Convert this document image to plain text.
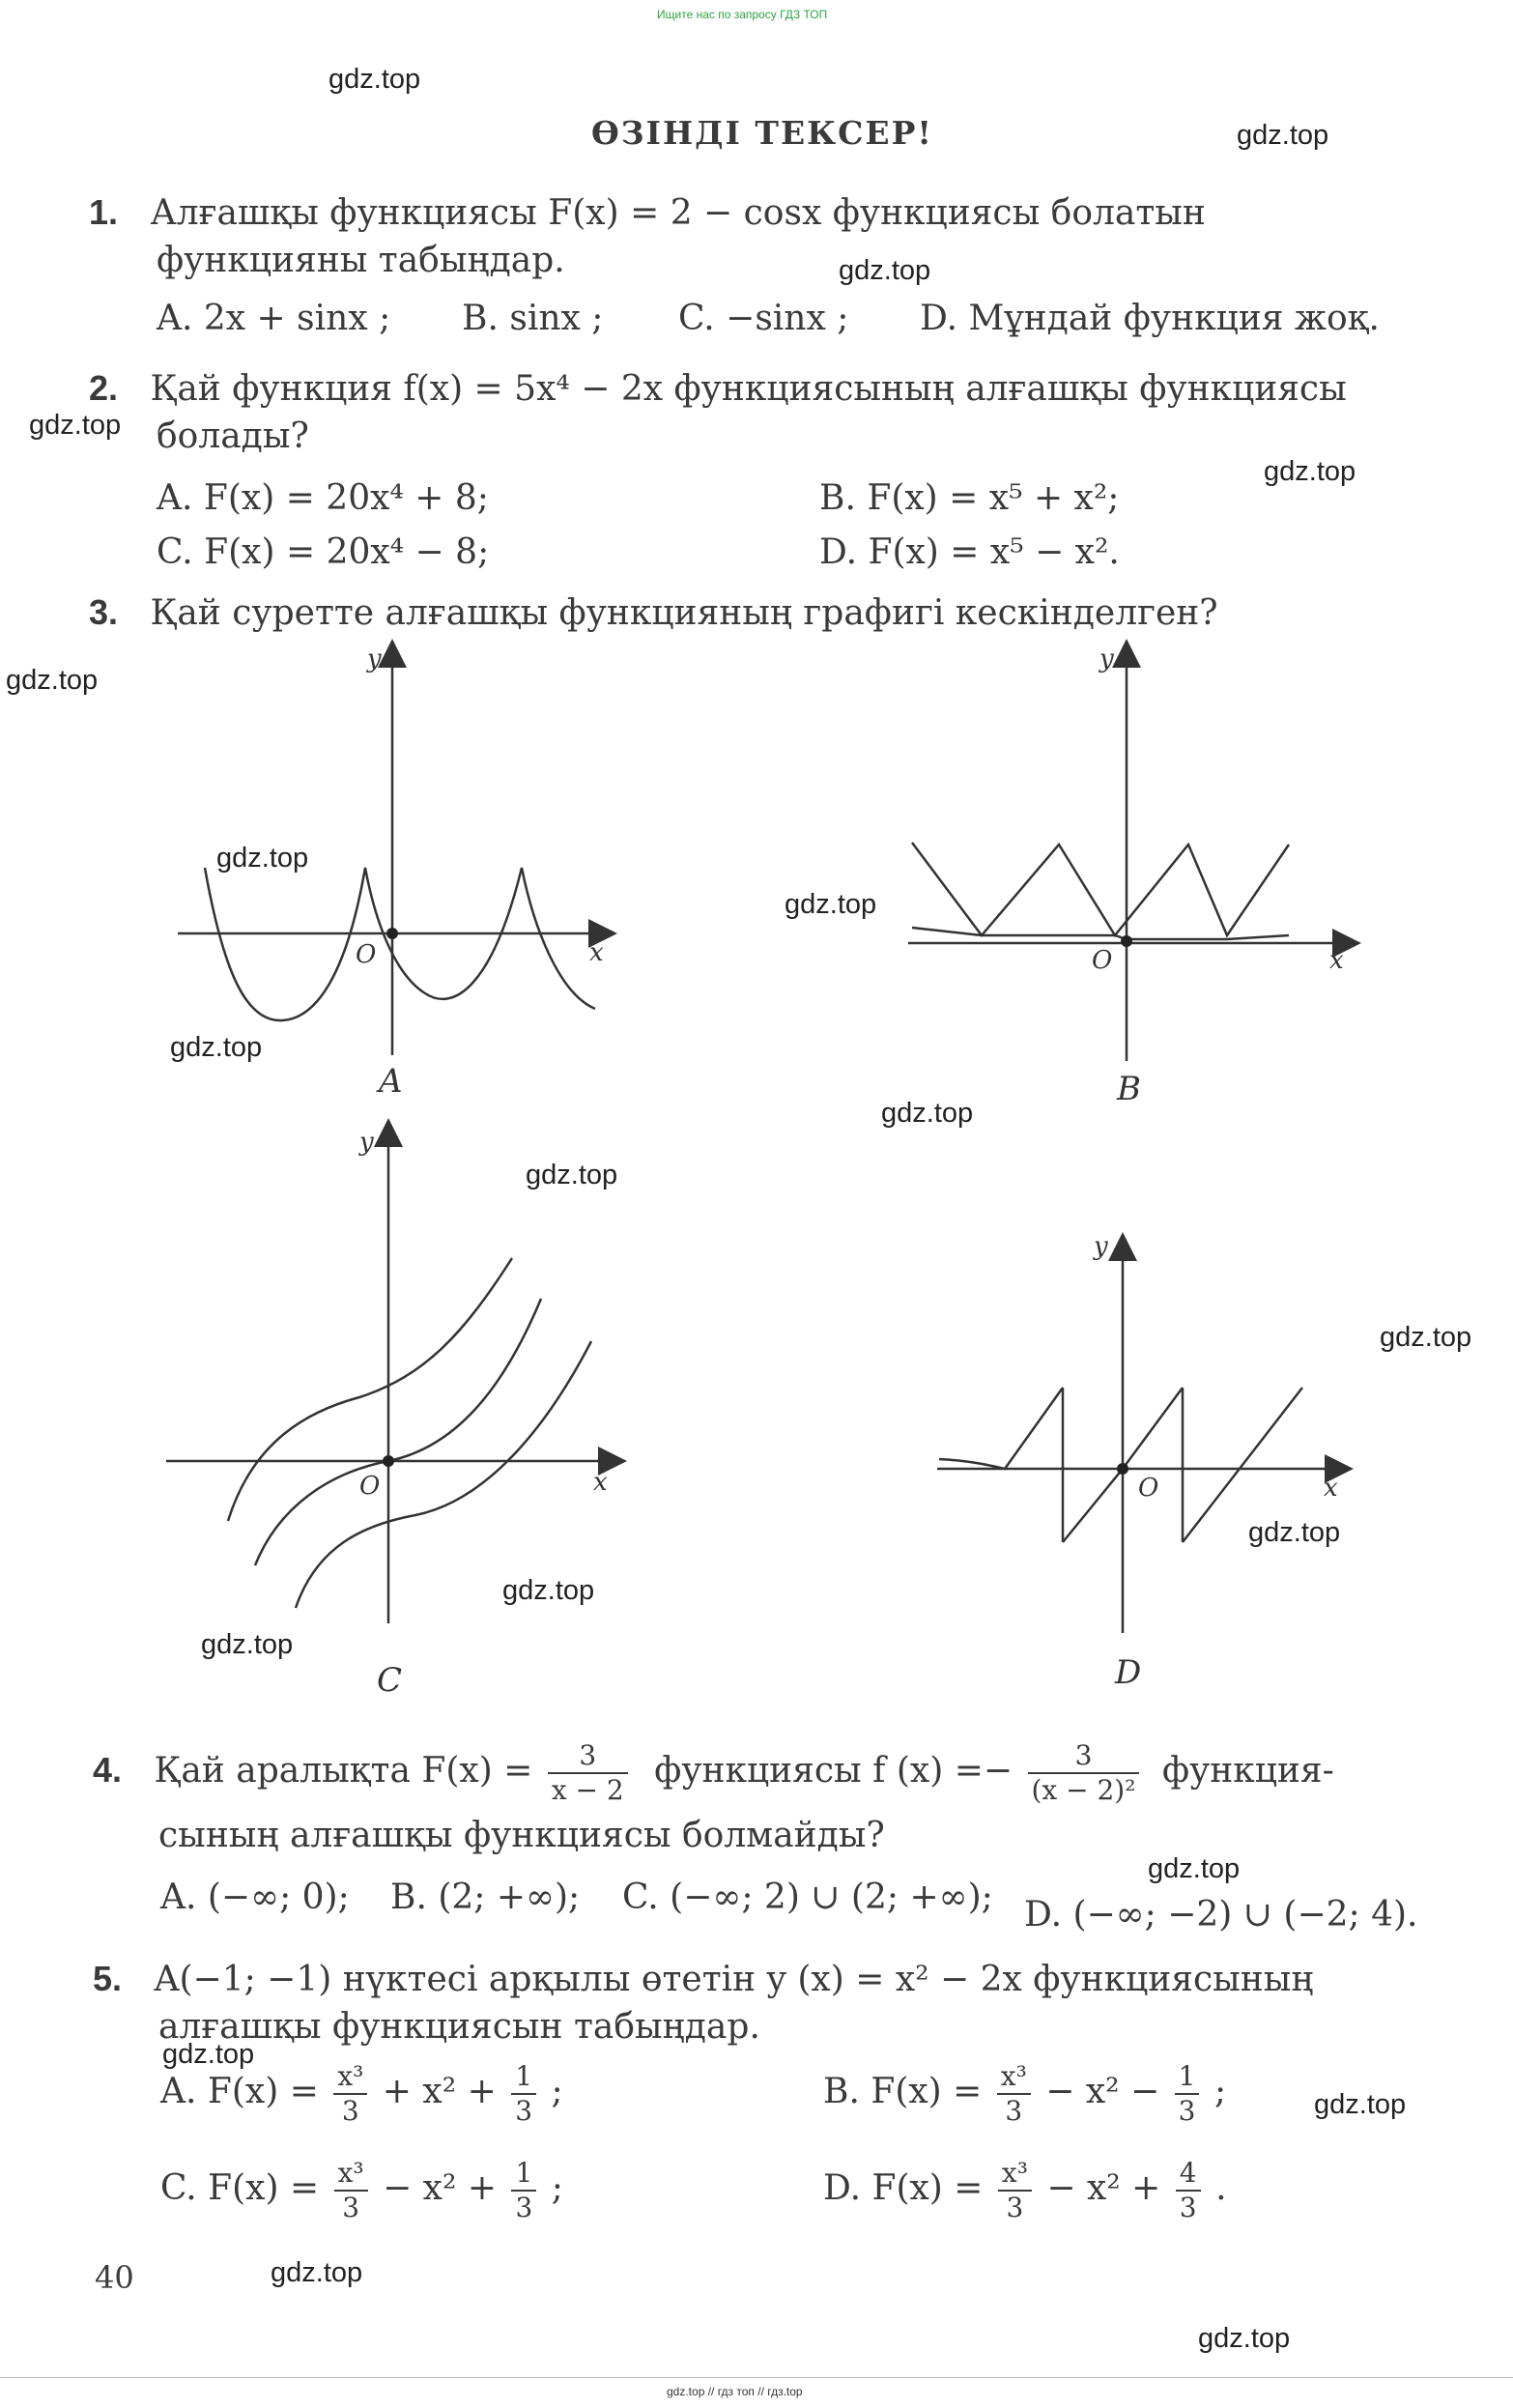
Ищите нас по запросу ГДЗ ТОП
gdz.top
gdz.top
gdz.top
gdz.top
gdz.top
gdz.top
gdz.top
gdz.top
gdz.top
gdz.top
gdz.top
gdz.top
gdz.top
gdz.top
gdz.top
gdz.top
gdz.top
gdz.top
gdz.top
gdz.top
ӨЗІНДІ ТЕКСЕР!
1. Алғашқы функциясы F(x) = 2 − cosx функциясы болатын
функцияны табыңдар.
A. 2x + sinx ; B. sinx ; C. −sinx ; D. Мұндай функция жоқ.
2. Қай функция f(x) = 5x⁴ − 2x функциясының алғашқы функциясы
болады?
A. F(x) = 20x⁴ + 8;	B. F(x) = x⁵ + x²;
C. F(x) = 20x⁴ − 8;	D. F(x) = x⁵ − x².
3. Қай суретте алғашқы функцияның графигі кескінделген?
y
x
O
y
x
O
y
x
O
y
x
O
A	B
C	D
4. Қай аралықта $F(x) = \frac{3}{x - 2}$ функциясы f $(x) =- \frac{3}{\text{(x − 2)²}}$ функция-
сының алғашқы функциясы болмайды?
A. (−∞; 0); B. (2; +∞); C. (−∞; 2) ∪ (2; +∞); D. (−∞; −2) ∪ (−2; 4).
5. A(−1; −1) нүктесі арқылы өтетін y (x) = x² − 2x функциясының
алғашқы функциясын табыңдар.
A. $F(x) = \frac{\text{x³}}{3} + x^2 + \frac{1}{3}$ ;	B. $F(x) = \frac{\text{x³}}{3} - x^2 - \frac{1}{3}$ ;
C. $F(x) = \frac{\text{x³}}{3} - x^2 + \frac{1}{3}$ ;	D. $F(x) = \frac{\text{x³}}{3} - x^2 + \frac{4}{3}$ .
40
gdz.top // гдз топ // гдз.top
